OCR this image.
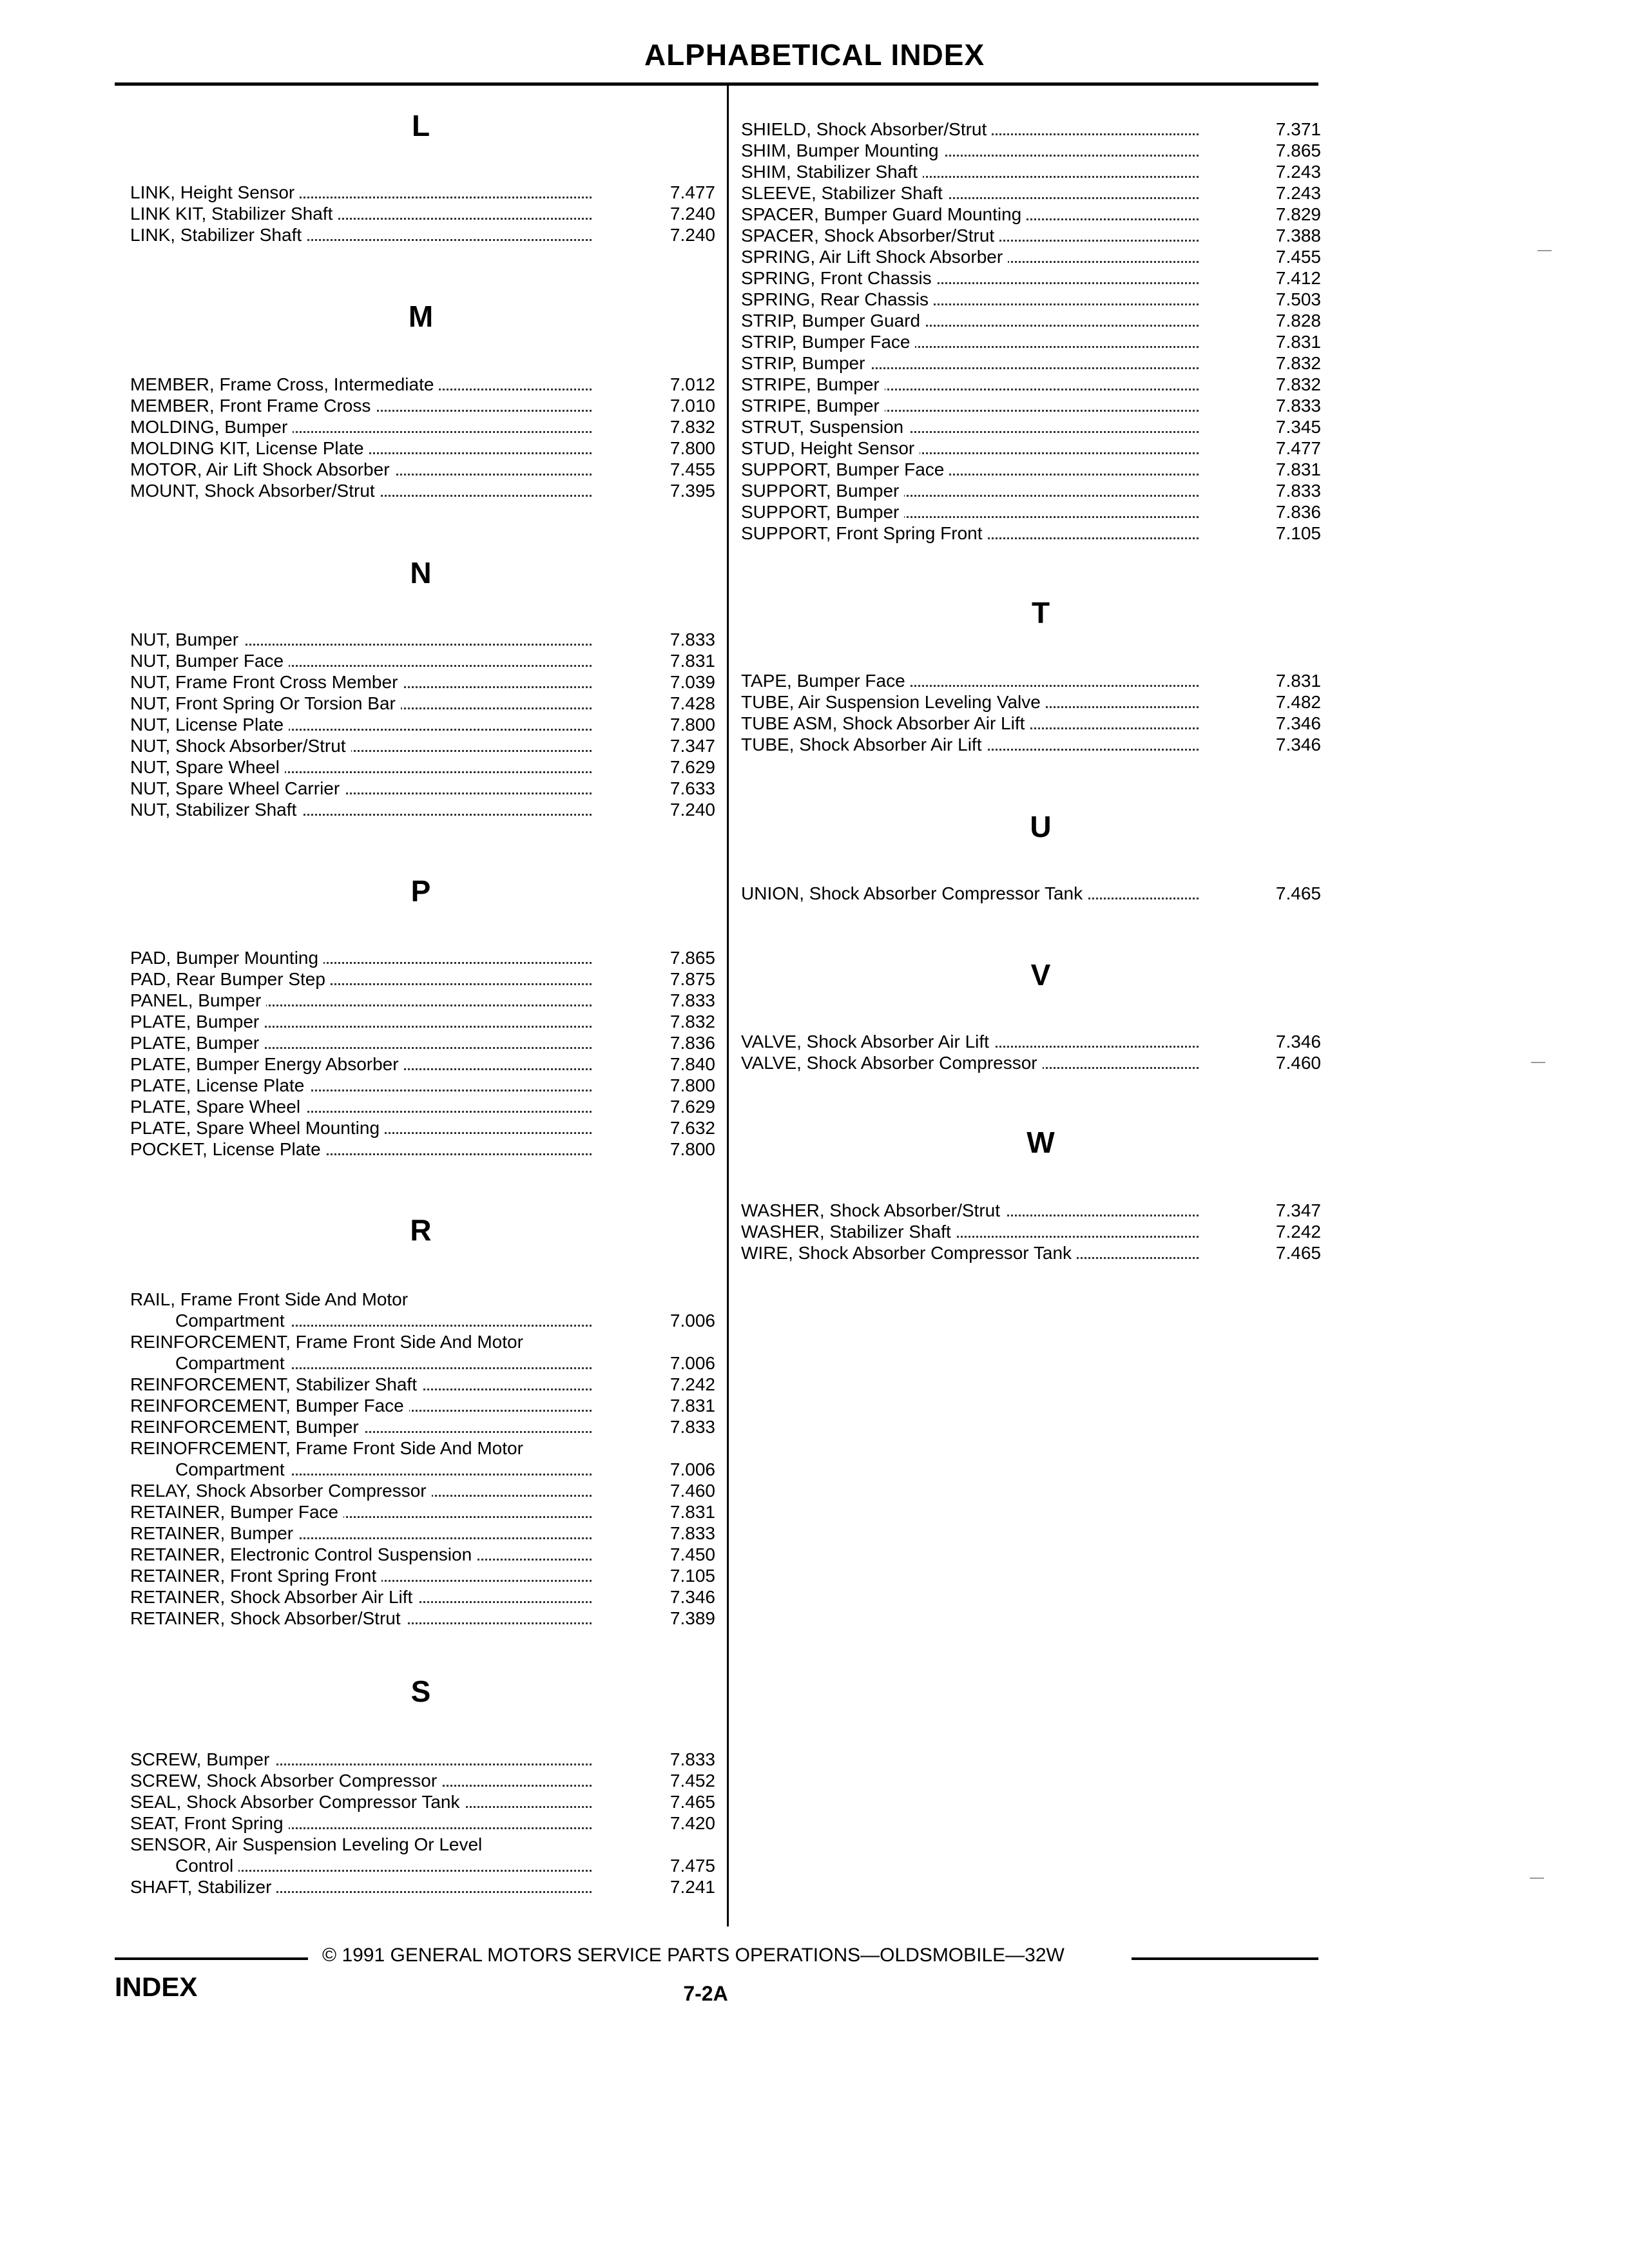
ALPHABETICAL INDEX
L
LINK, Height Sensor	7.477
LINK KIT, Stabilizer Shaft	7.240
LINK, Stabilizer Shaft	7.240
M
MEMBER, Frame Cross, Intermediate	7.012
MEMBER, Front Frame Cross	7.010
MOLDING, Bumper	7.832
MOLDING KIT, License Plate	7.800
MOTOR, Air Lift Shock Absorber	7.455
MOUNT, Shock Absorber/Strut	7.395
N
NUT, Bumper	7.833
NUT, Bumper Face	7.831
NUT, Frame Front Cross Member	7.039
NUT, Front Spring Or Torsion Bar	7.428
NUT, License Plate	7.800
NUT, Shock Absorber/Strut	7.347
NUT, Spare Wheel	7.629
NUT, Spare Wheel Carrier	7.633
NUT, Stabilizer Shaft	7.240
P
PAD, Bumper Mounting	7.865
PAD, Rear Bumper Step	7.875
PANEL, Bumper	7.833
PLATE, Bumper	7.832
PLATE, Bumper	7.836
PLATE, Bumper Energy Absorber	7.840
PLATE, License Plate	7.800
PLATE, Spare Wheel	7.629
PLATE, Spare Wheel Mounting	7.632
POCKET, License Plate	7.800
R
RAIL, Frame Front Side And Motor
Compartment	7.006
REINFORCEMENT, Frame Front Side And Motor
Compartment	7.006
REINFORCEMENT, Stabilizer Shaft	7.242
REINFORCEMENT, Bumper Face	7.831
REINFORCEMENT, Bumper	7.833
REINOFRCEMENT, Frame Front Side And Motor
Compartment	7.006
RELAY, Shock Absorber Compressor	7.460
RETAINER, Bumper Face	7.831
RETAINER, Bumper	7.833
RETAINER, Electronic Control Suspension	7.450
RETAINER, Front Spring Front	7.105
RETAINER, Shock Absorber Air Lift	7.346
RETAINER, Shock Absorber/Strut	7.389
S
SCREW, Bumper	7.833
SCREW, Shock Absorber Compressor	7.452
SEAL, Shock Absorber Compressor Tank	7.465
SEAT, Front Spring	7.420
SENSOR, Air Suspension Leveling Or Level
Control	7.475
SHAFT, Stabilizer	7.241
SHIELD, Shock Absorber/Strut	7.371
SHIM, Bumper Mounting	7.865
SHIM, Stabilizer Shaft	7.243
SLEEVE, Stabilizer Shaft	7.243
SPACER, Bumper Guard Mounting	7.829
SPACER, Shock Absorber/Strut	7.388
SPRING, Air Lift Shock Absorber	7.455
SPRING, Front Chassis	7.412
SPRING, Rear Chassis	7.503
STRIP, Bumper Guard	7.828
STRIP, Bumper Face	7.831
STRIP, Bumper	7.832
STRIPE, Bumper	7.832
STRIPE, Bumper	7.833
STRUT, Suspension	7.345
STUD, Height Sensor	7.477
SUPPORT, Bumper Face	7.831
SUPPORT, Bumper	7.833
SUPPORT, Bumper	7.836
SUPPORT, Front Spring Front	7.105
T
TAPE, Bumper Face	7.831
TUBE, Air Suspension Leveling Valve	7.482
TUBE ASM, Shock Absorber Air Lift	7.346
TUBE, Shock Absorber Air Lift	7.346
U
UNION, Shock Absorber Compressor Tank	7.465
V
VALVE, Shock Absorber Air Lift	7.346
VALVE, Shock Absorber Compressor	7.460
W
WASHER, Shock Absorber/Strut	7.347
WASHER, Stabilizer Shaft	7.242
WIRE, Shock Absorber Compressor Tank	7.465
© 1991 GENERAL MOTORS SERVICE PARTS OPERATIONS—OLDSMOBILE—32W
INDEX	7-2A
